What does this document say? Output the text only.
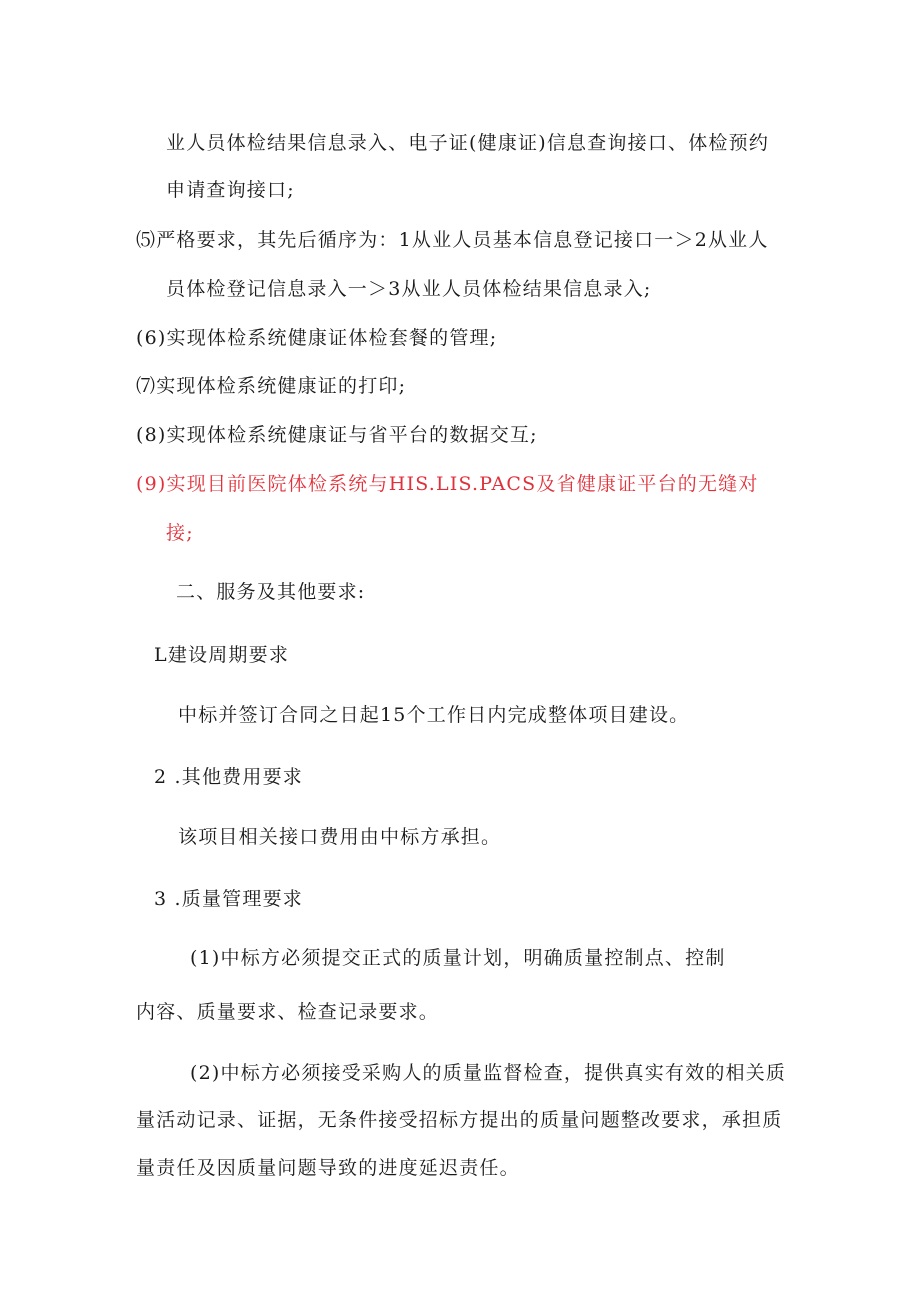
业人员体检结果信息录入、电子证(健康证)信息查询接口、体检预约
申请查询接口;
⑸严格要求，其先后循序为：1从业人员基本信息登记接口一＞2从业人
员体检登记信息录入一＞3从业人员体检结果信息录入;
(6)实现体检系统健康证体检套餐的管理;
⑺实现体检系统健康证的打印;
(8)实现体检系统健康证与省平台的数据交互;
(9)实现目前医院体检系统与HIS.LIS.PACS及省健康证平台的无缝对
接;
二、服务及其他要求:
L建设周期要求
中标并签订合同之日起15个工作日内完成整体项目建设。
2 .其他费用要求
该项目相关接口费用由中标方承担。
3 .质量管理要求
(1)中标方必须提交正式的质量计划，明确质量控制点、控制
内容、质量要求、检查记录要求。
(2)中标方必须接受采购人的质量监督检查，提供真实有效的相关质
量活动记录、证据，无条件接受招标方提出的质量问题整改要求，承担质
量责任及因质量问题导致的进度延迟责任。
